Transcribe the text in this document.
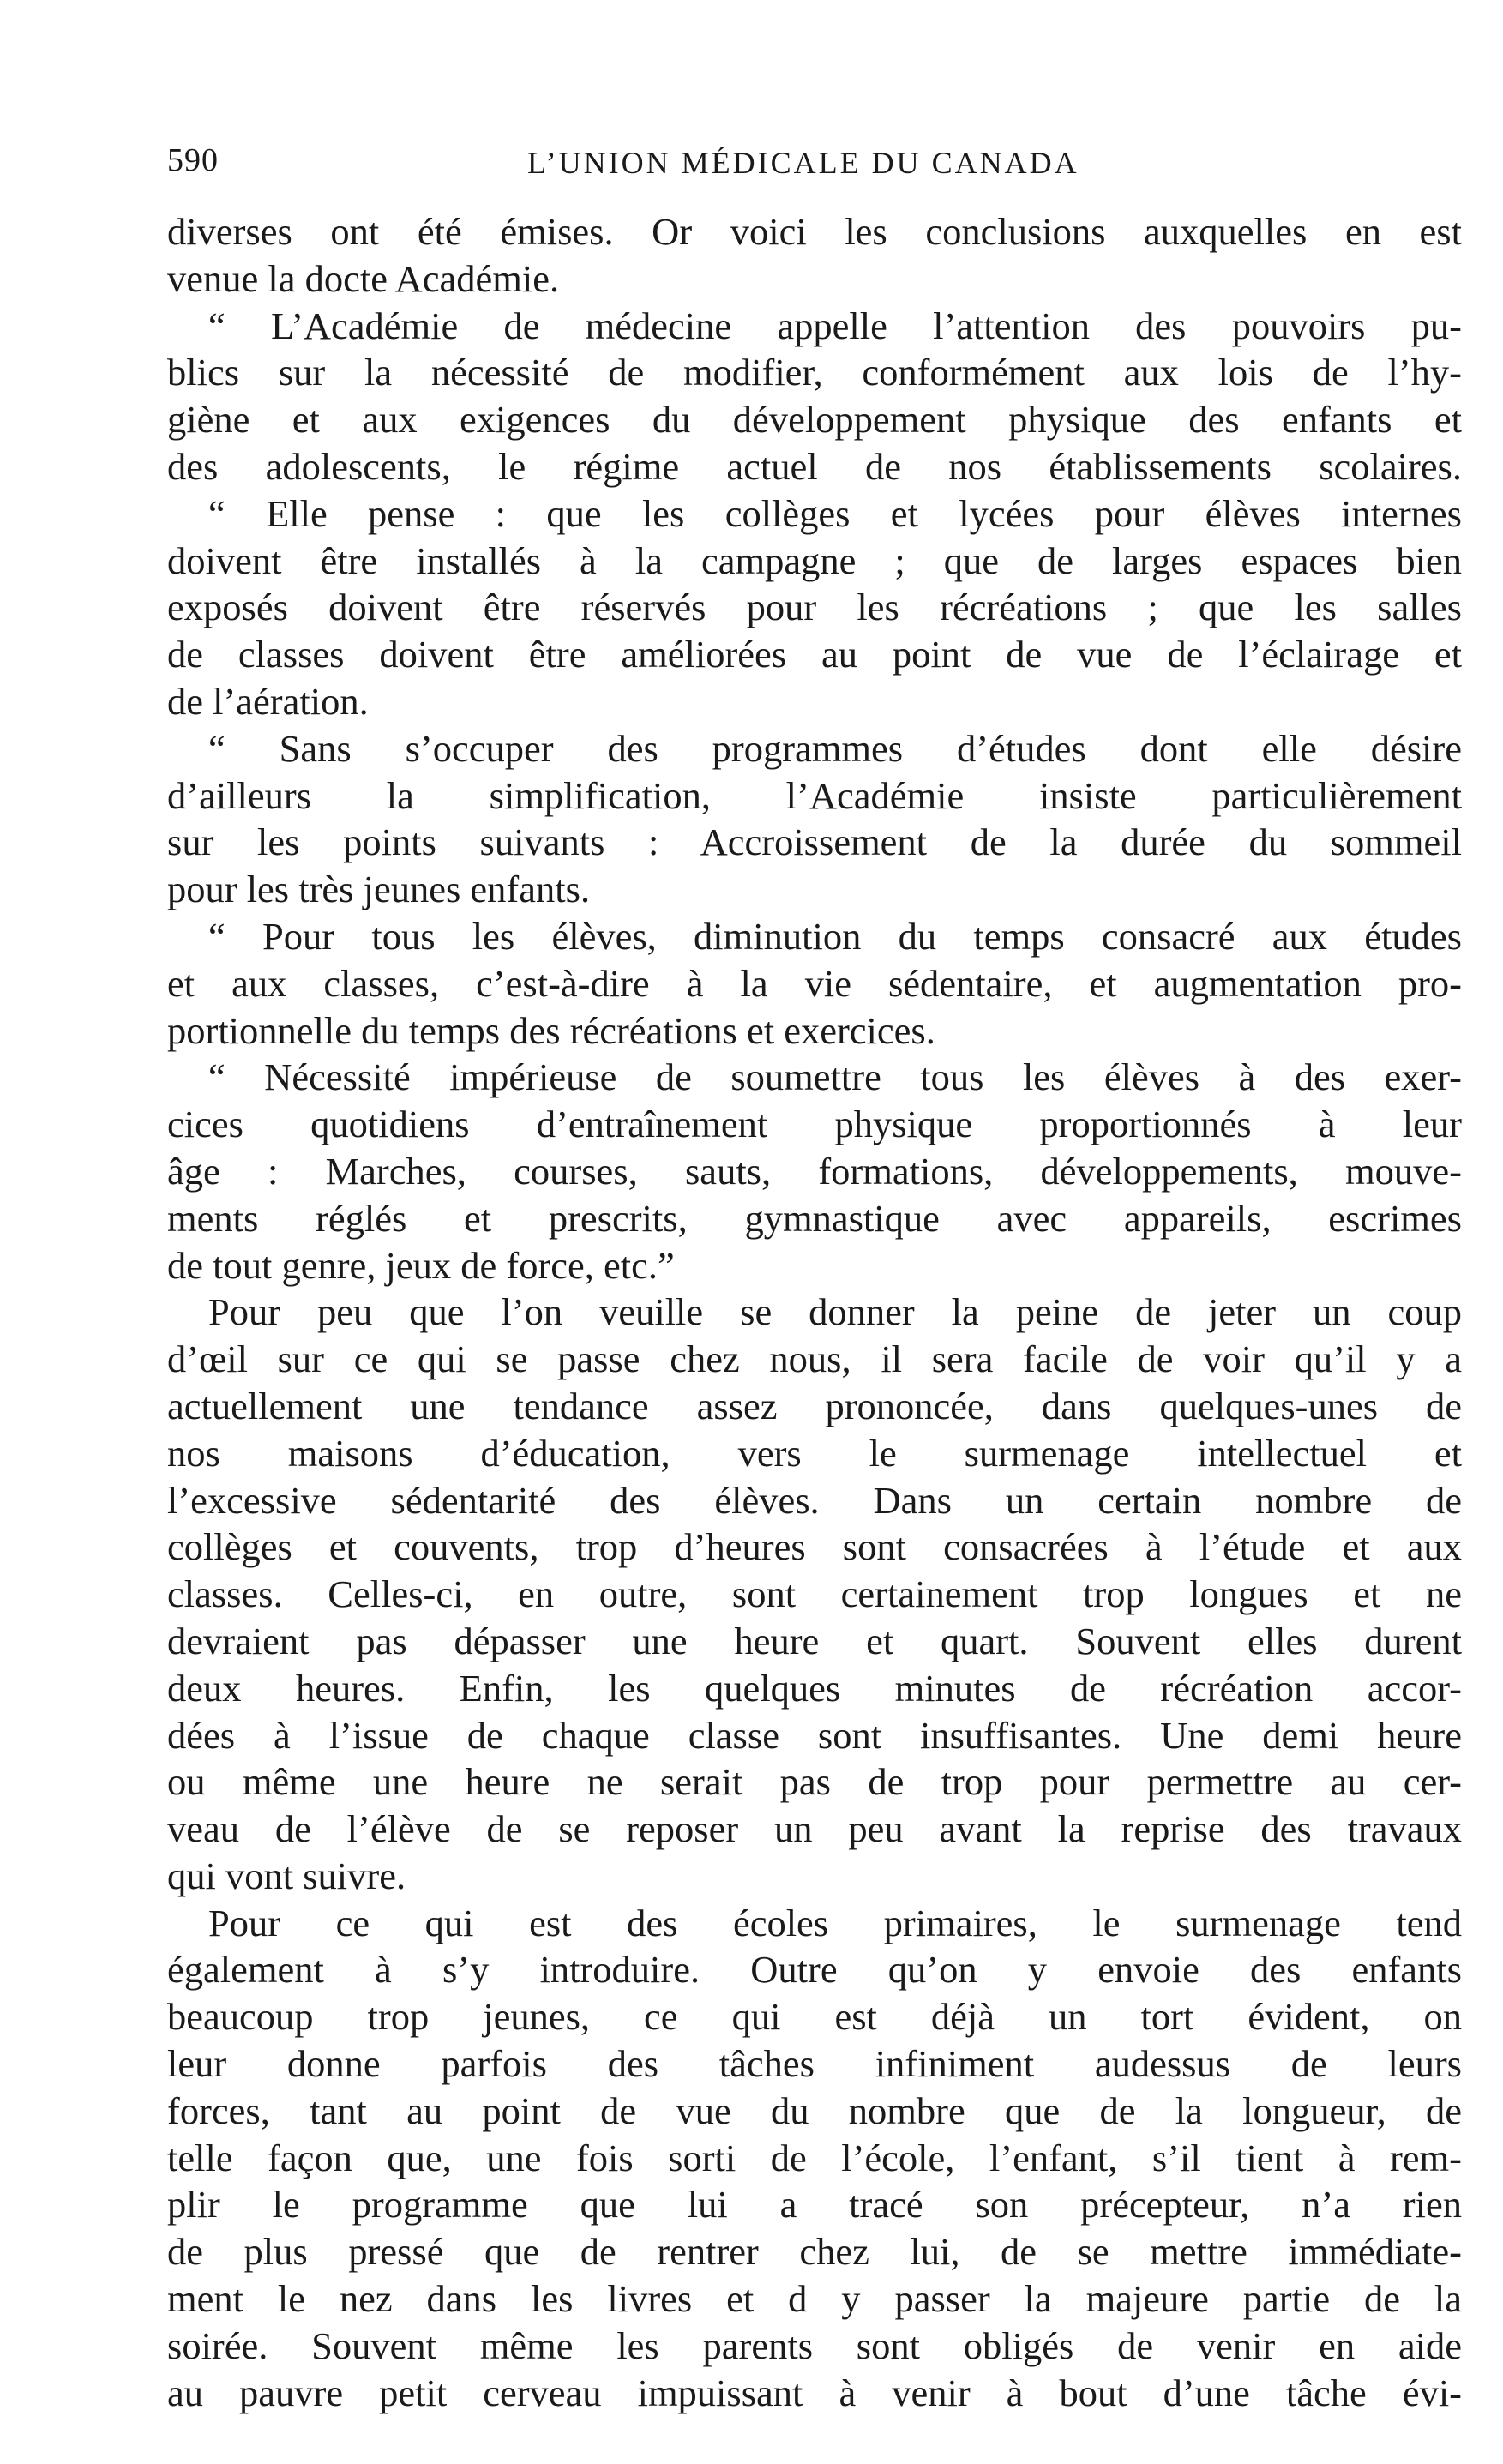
590	L’UNION MÉDICALE DU CANADA
diverses ont été émises. Or voici les conclusions auxquelles en est
venue la docte Académie.
“ L’Académie de médecine appelle l’attention des pouvoirs pu-
blics sur la nécessité de modifier, conformément aux lois de l’hy-
giène et aux exigences du développement physique des enfants et
des adolescents, le régime actuel de nos établissements scolaires.
“ Elle pense : que les collèges et lycées pour élèves internes
doivent être installés à la campagne ; que de larges espaces bien
exposés doivent être réservés pour les récréations ; que les salles
de classes doivent être améliorées au point de vue de l’éclairage et
de l’aération.
“ Sans s’occuper des programmes d’études dont elle désire
d’ailleurs la simplification, l’Académie insiste particulièrement
sur les points suivants : Accroissement de la durée du sommeil
pour les très jeunes enfants.
“ Pour tous les élèves, diminution du temps consacré aux études
et aux classes, c’est-à-dire à la vie sédentaire, et augmentation pro-
portionnelle du temps des récréations et exercices.
“ Nécessité impérieuse de soumettre tous les élèves à des exer-
cices quotidiens d’entraînement physique proportionnés à leur
âge : Marches, courses, sauts, formations, développements, mouve-
ments réglés et prescrits, gymnastique avec appareils, escrimes
de tout genre, jeux de force, etc.”
Pour peu que l’on veuille se donner la peine de jeter un coup
d’œil sur ce qui se passe chez nous, il sera facile de voir qu’il y a
actuellement une tendance assez prononcée, dans quelques-unes de
nos maisons d’éducation, vers le surmenage intellectuel et
l’excessive sédentarité des élèves. Dans un certain nombre de
collèges et couvents, trop d’heures sont consacrées à l’étude et aux
classes. Celles-ci, en outre, sont certainement trop longues et ne
devraient pas dépasser une heure et quart. Souvent elles durent
deux heures. Enfin, les quelques minutes de récréation accor-
dées à l’issue de chaque classe sont insuffisantes. Une demi heure
ou même une heure ne serait pas de trop pour permettre au cer-
veau de l’élève de se reposer un peu avant la reprise des travaux
qui vont suivre.
Pour ce qui est des écoles primaires, le surmenage tend
également à s’y introduire. Outre qu’on y envoie des enfants
beaucoup trop jeunes, ce qui est déjà un tort évident, on
leur donne parfois des tâches infiniment audessus de leurs
forces, tant au point de vue du nombre que de la longueur, de
telle façon que, une fois sorti de l’école, l’enfant, s’il tient à rem-
plir le programme que lui a tracé son précepteur, n’a rien
de plus pressé que de rentrer chez lui, de se mettre immédiate-
ment le nez dans les livres et d y passer la majeure partie de la
soirée. Souvent même les parents sont obligés de venir en aide
au pauvre petit cerveau impuissant à venir à bout d’une tâche évi-
